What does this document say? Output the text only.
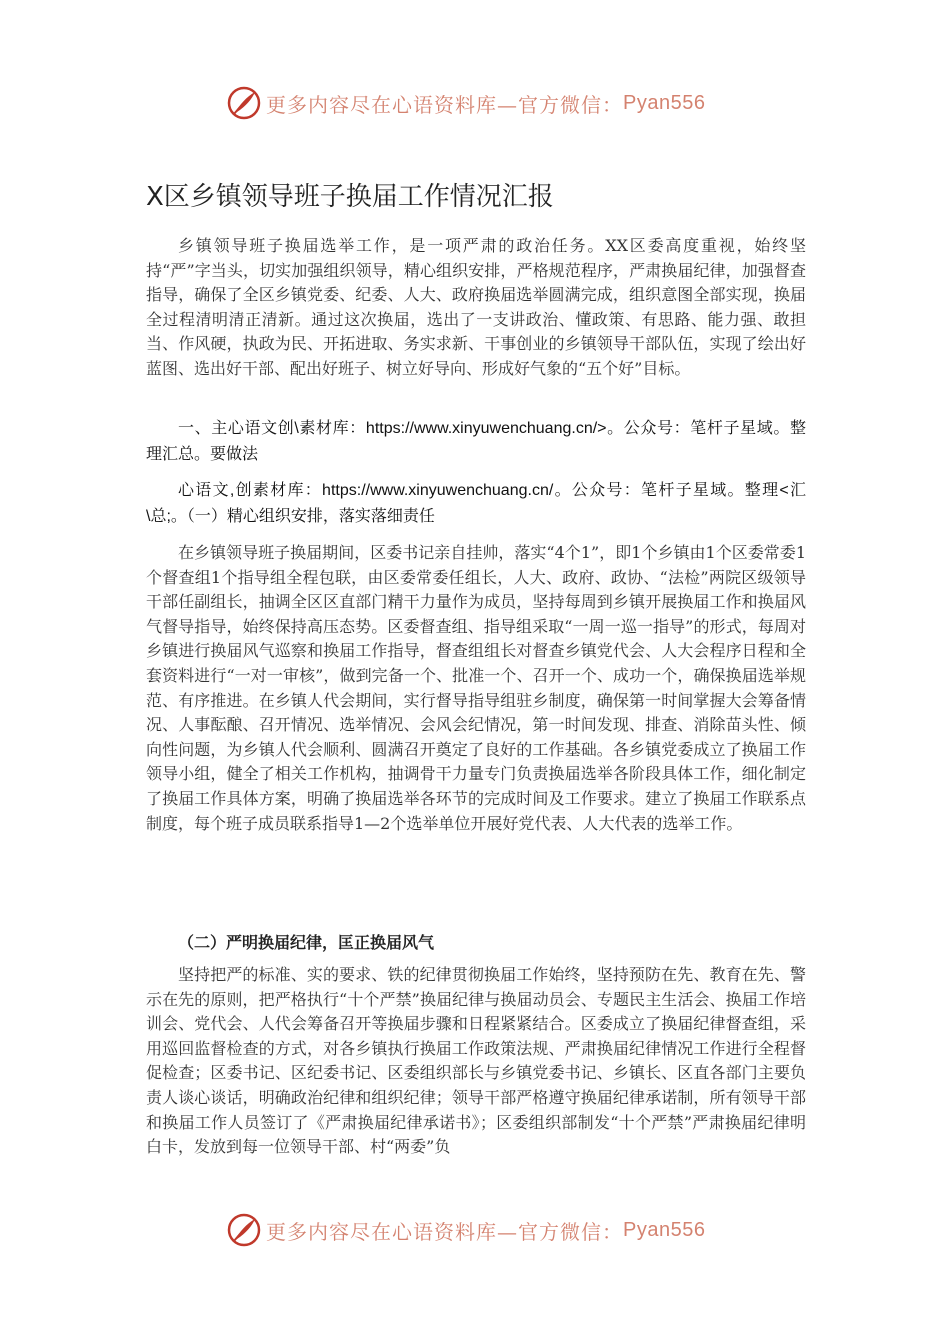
更多内容尽在心语资料库—官方微信： Pyan556
X区乡镇领导班子换届工作情况汇报

乡镇领导班子换届选举工作，是一项严肃的政治任务。XX区委高度重视，始终坚持“严”字当头，切实加强组织领导，精心组织安排，严格规范程序，严肃换届纪律，加强督查指导，确保了全区乡镇党委、纪委、人大、政府换届选举圆满完成，组织意图全部实现，换届全过程清明清正清新。通过这次换届，选出了一支讲政治、懂政策、有思路、能力强、敢担当、作风硬，执政为民、开拓进取、务实求新、干事创业的乡镇领导干部队伍，实现了绘出好蓝图、选出好干部、配出好班子、树立好导向、形成好气象的“五个好”目标。

一、主心语文创\素材库：https://www.xinyuwenchuang.cn/>。公众号：笔杆子星域。整理汇总。要做法

心语文,创素材库：https://www.xinyuwenchuang.cn/。公众号：笔杆子星域。整理<汇\总;。（一）精心组织安排，落实落细责任

在乡镇领导班子换届期间，区委书记亲自挂帅，落实“4个1”，即1个乡镇由1个区委常委1个督查组1个指导组全程包联，由区委常委任组长，人大、政府、政协、“法检”两院区级领导干部任副组长，抽调全区区直部门精干力量作为成员，坚持每周到乡镇开展换届工作和换届风气督导指导，始终保持高压态势。区委督查组、指导组采取“一周一巡一指导”的形式，每周对乡镇进行换届风气巡察和换届工作指导，督查组组长对督查乡镇党代会、人大会程序日程和全套资料进行“一对一审核”，做到完备一个、批准一个、召开一个、成功一个，确保换届选举规范、有序推进。在乡镇人代会期间，实行督导指导组驻乡制度，确保第一时间掌握大会筹备情况、人事酝酿、召开情况、选举情况、会风会纪情况，第一时间发现、排查、消除苗头性、倾向性问题，为乡镇人代会顺利、圆满召开奠定了良好的工作基础。各乡镇党委成立了换届工作领导小组，健全了相关工作机构，抽调骨干力量专门负责换届选举各阶段具体工作，细化制定了换届工作具体方案，明确了换届选举各环节的完成时间及工作要求。建立了换届工作联系点制度，每个班子成员联系指导1—2个选举单位开展好党代表、人大代表的选举工作。

（二）严明换届纪律，匡正换届风气

坚持把严的标准、实的要求、铁的纪律贯彻换届工作始终，坚持预防在先、教育在先、警示在先的原则，把严格执行“十个严禁”换届纪律与换届动员会、专题民主生活会、换届工作培训会、党代会、人代会筹备召开等换届步骤和日程紧紧结合。区委成立了换届纪律督查组，采用巡回监督检查的方式，对各乡镇执行换届工作政策法规、严肃换届纪律情况工作进行全程督促检查；区委书记、区纪委书记、区委组织部长与乡镇党委书记、乡镇长、区直各部门主要负责人谈心谈话，明确政治纪律和组织纪律；领导干部严格遵守换届纪律承诺制，所有领导干部和换届工作人员签订了《严肃换届纪律承诺书》；区委组织部制发“十个严禁”严肃换届纪律明白卡，发放到每一位领导干部、村“两委”负

更多内容尽在心语资料库—官方微信： Pyan556
